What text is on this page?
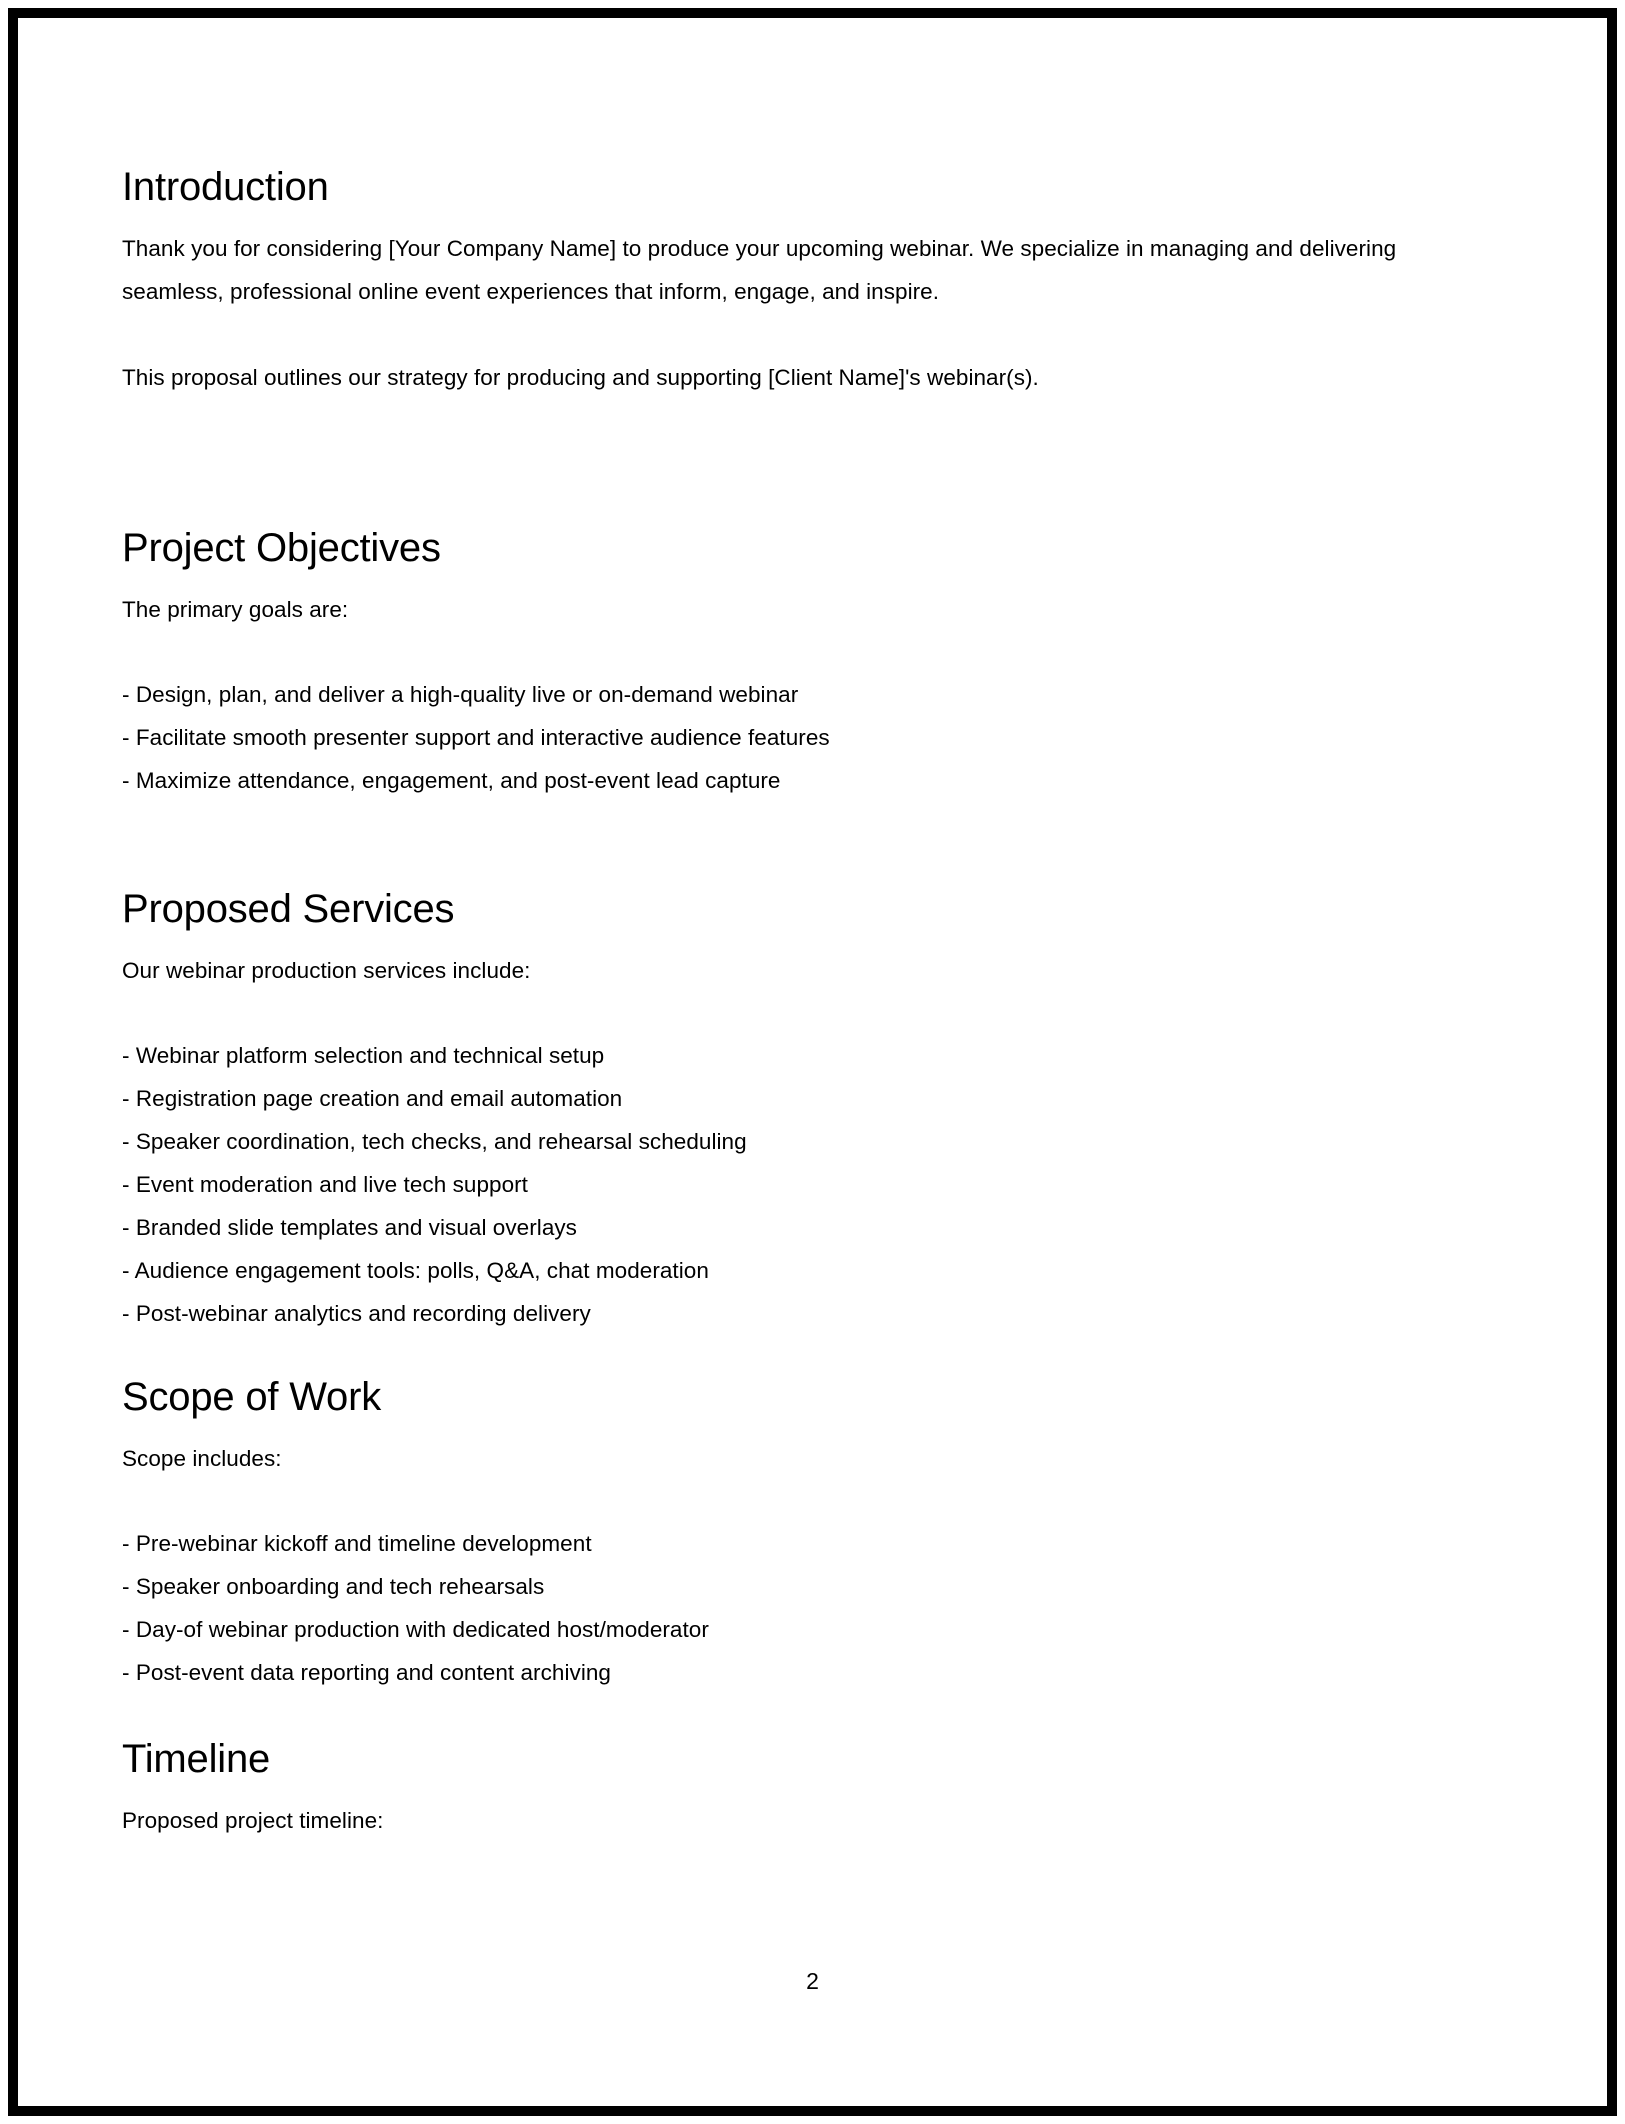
Introduction

Thank you for considering [Your Company Name] to produce your upcoming webinar. We specialize in managing and delivering seamless, professional online event experiences that inform, engage, and inspire.

This proposal outlines our strategy for producing and supporting [Client Name]'s webinar(s).

Project Objectives

The primary goals are:

- Design, plan, and deliver a high-quality live or on-demand webinar
- Facilitate smooth presenter support and interactive audience features
- Maximize attendance, engagement, and post-event lead capture
Proposed Services

Our webinar production services include:

- Webinar platform selection and technical setup
- Registration page creation and email automation
- Speaker coordination, tech checks, and rehearsal scheduling
- Event moderation and live tech support
- Branded slide templates and visual overlays
- Audience engagement tools: polls, Q&A, chat moderation
- Post-webinar analytics and recording delivery
Scope of Work

Scope includes:

- Pre-webinar kickoff and timeline development
- Speaker onboarding and tech rehearsals
- Day-of webinar production with dedicated host/moderator
- Post-event data reporting and content archiving
Timeline

Proposed project timeline:

2
